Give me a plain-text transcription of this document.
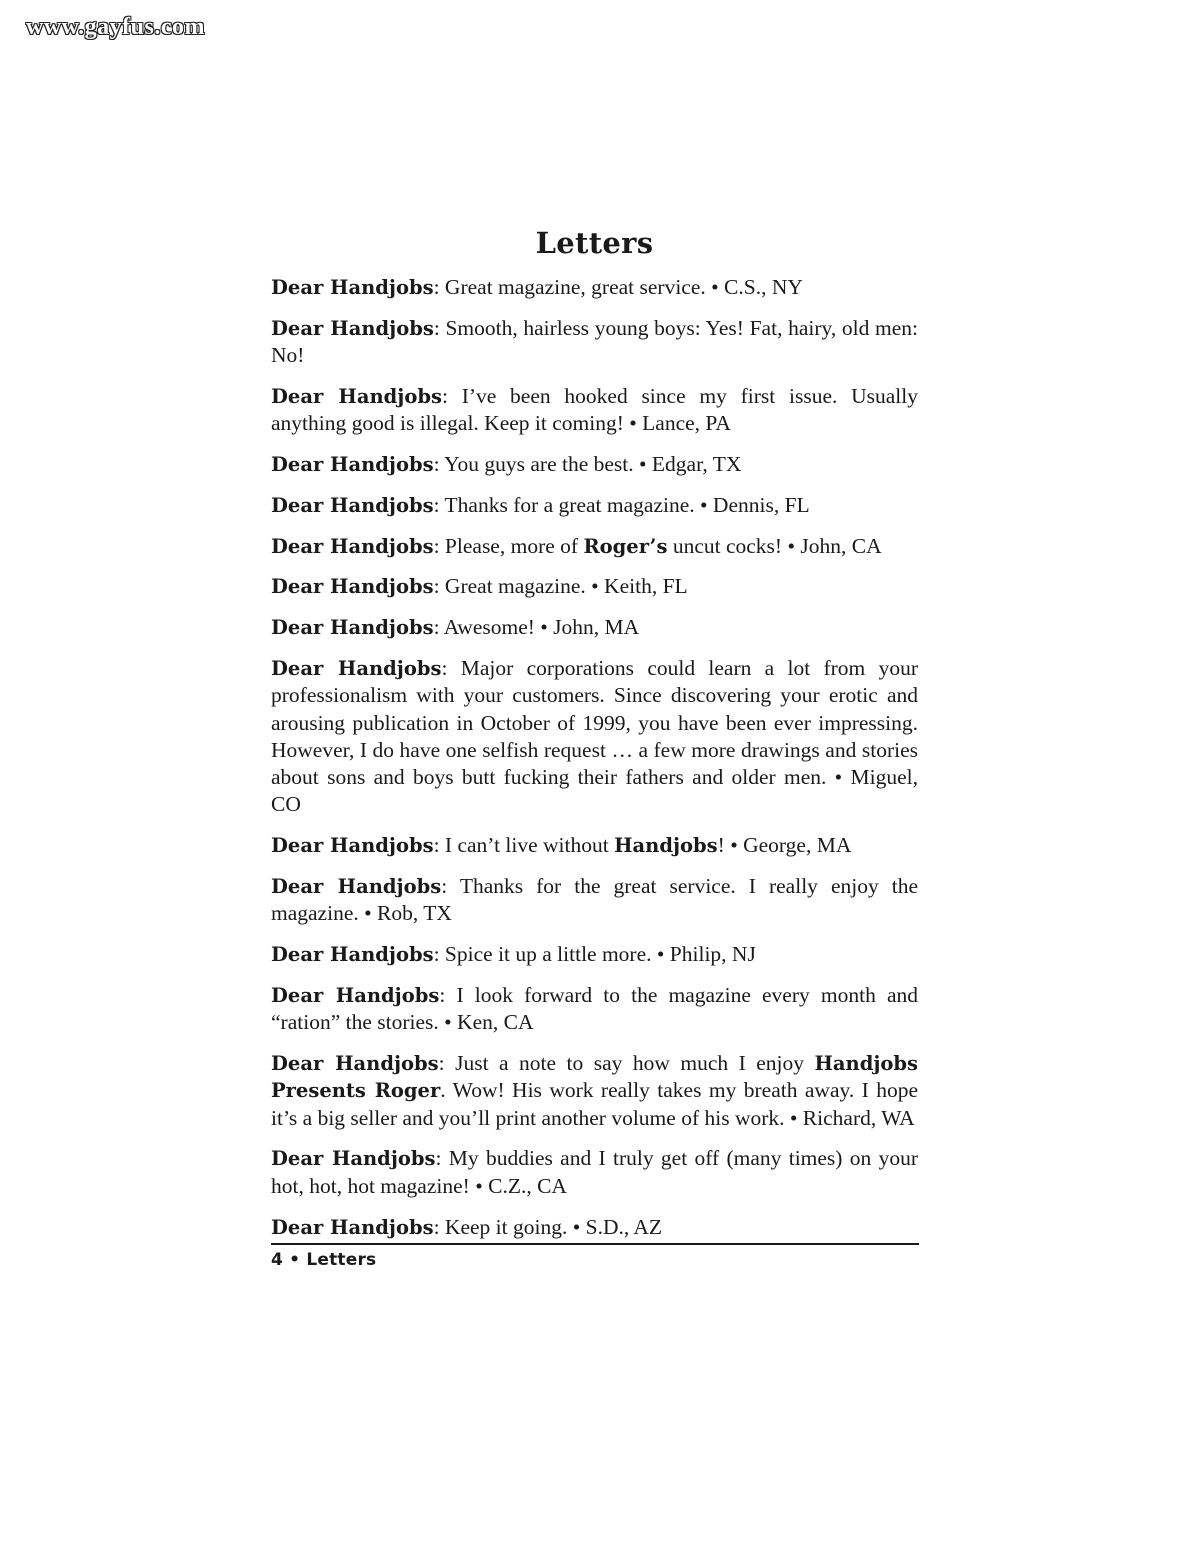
www.gayfus.com
Letters

Dear Handjobs: Great magazine, great service. • C.S., NY

Dear Handjobs: Smooth, hairless young boys: Yes! Fat, hairy, old men: No!

Dear Handjobs: I’ve been hooked since my first issue. Usually anything good is illegal. Keep it coming! • Lance, PA

Dear Handjobs: You guys are the best. • Edgar, TX

Dear Handjobs: Thanks for a great magazine. • Dennis, FL

Dear Handjobs: Please, more of Roger’s uncut cocks! • John, CA

Dear Handjobs: Great magazine. • Keith, FL

Dear Handjobs: Awesome! • John, MA

Dear Handjobs: Major corporations could learn a lot from your professionalism with your customers. Since discovering your erotic and arousing publication in October of 1999, you have been ever impressing. However, I do have one selfish request … a few more drawings and stories about sons and boys butt fucking their fathers and older men. • Miguel, CO

Dear Handjobs: I can’t live without Handjobs! • George, MA

Dear Handjobs: Thanks for the great service. I really enjoy the magazine. • Rob, TX

Dear Handjobs: Spice it up a little more. • Philip, NJ

Dear Handjobs: I look forward to the magazine every month and “ration” the stories. • Ken, CA

Dear Handjobs: Just a note to say how much I enjoy Handjobs Presents Roger. Wow! His work really takes my breath away. I hope it’s a big seller and you’ll print another volume of his work. • Richard, WA

Dear Handjobs: My buddies and I truly get off (many times) on your hot, hot, hot magazine! • C.Z., CA

Dear Handjobs: Keep it going. • S.D., AZ

4 • Letters
